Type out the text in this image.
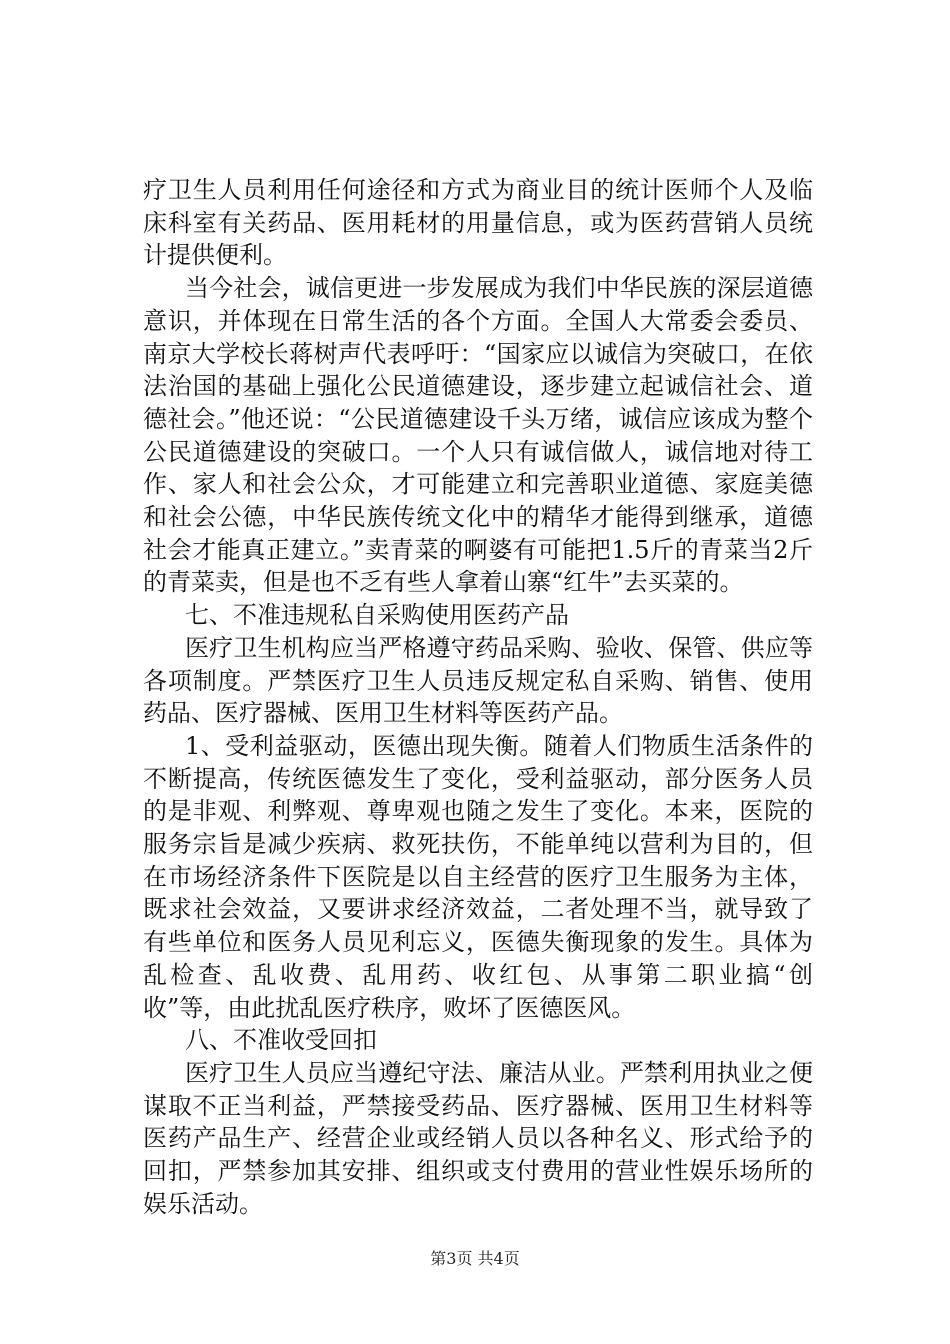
疗卫生人员利用任何途径和方式为商业目的统计医师个人及临床科室有关药品、医用耗材的用量信息，或为医药营销人员统计提供便利。

当今社会，诚信更进一步发展成为我们中华民族的深层道德意识，并体现在日常生活的各个方面。全国人大常委会委员、南京大学校长蒋树声代表呼吁：“国家应以诚信为突破口，在依法治国的基础上强化公民道德建设，逐步建立起诚信社会、道德社会。”他还说：“公民道德建设千头万绪，诚信应该成为整个公民道德建设的突破口。一个人只有诚信做人，诚信地对待工作、家人和社会公众，才可能建立和完善职业道德、家庭美德和社会公德，中华民族传统文化中的精华才能得到继承，道德社会才能真正建立。”卖青菜的啊婆有可能把1.5斤的青菜当2斤的青菜卖，但是也不乏有些人拿着山寨“红牛”去买菜的。

七、不准违规私自采购使用医药产品

医疗卫生机构应当严格遵守药品采购、验收、保管、供应等各项制度。严禁医疗卫生人员违反规定私自采购、销售、使用药品、医疗器械、医用卫生材料等医药产品。

1、受利益驱动，医德出现失衡。随着人们物质生活条件的不断提高，传统医德发生了变化，受利益驱动，部分医务人员的是非观、利弊观、尊卑观也随之发生了变化。本来，医院的服务宗旨是减少疾病、救死扶伤，不能单纯以营利为目的，但在市场经济条件下医院是以自主经营的医疗卫生服务为主体，既求社会效益，又要讲求经济效益，二者处理不当，就导致了有些单位和医务人员见利忘义，医德失衡现象的发生。具体为乱检查、乱收费、乱用药、收红包、从事第二职业搞“创收”等，由此扰乱医疗秩序，败坏了医德医风。

八、不准收受回扣

医疗卫生人员应当遵纪守法、廉洁从业。严禁利用执业之便谋取不正当利益，严禁接受药品、医疗器械、医用卫生材料等医药产品生产、经营企业或经销人员以各种名义、形式给予的回扣，严禁参加其安排、组织或支付费用的营业性娱乐场所的娱乐活动。

第3页 共4页
